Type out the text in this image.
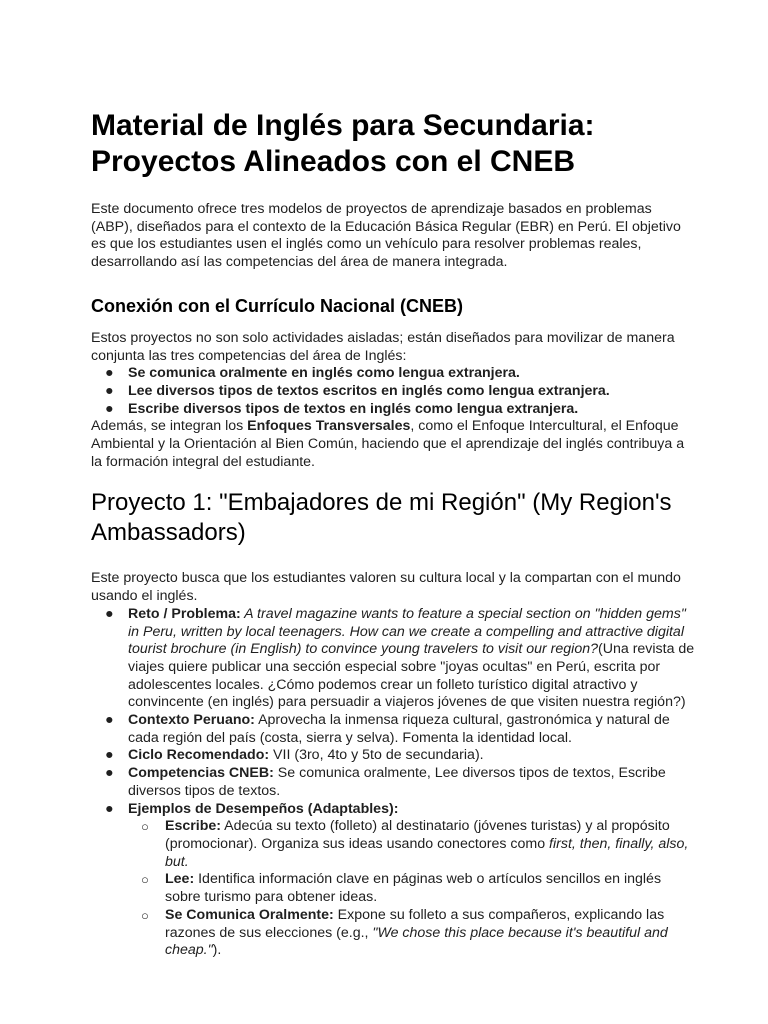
Material de Inglés para Secundaria: Proyectos Alineados con el CNEB

Este documento ofrece tres modelos de proyectos de aprendizaje basados en problemas (ABP), diseñados para el contexto de la Educación Básica Regular (EBR) en Perú. El objetivo es que los estudiantes usen el inglés como un vehículo para resolver problemas reales, desarrollando así las competencias del área de manera integrada.

Conexión con el Currículo Nacional (CNEB)

Estos proyectos no son solo actividades aisladas; están diseñados para movilizar de manera conjunta las tres competencias del área de Inglés:

● Se comunica oralmente en inglés como lengua extranjera.
● Lee diversos tipos de textos escritos en inglés como lengua extranjera.
● Escribe diversos tipos de textos en inglés como lengua extranjera.

Además, se integran los Enfoques Transversales, como el Enfoque Intercultural, el Enfoque Ambiental y la Orientación al Bien Común, haciendo que el aprendizaje del inglés contribuya a la formación integral del estudiante.

Proyecto 1: "Embajadores de mi Región" (My Region's Ambassadors)

Este proyecto busca que los estudiantes valoren su cultura local y la compartan con el mundo usando el inglés.

● Reto / Problema: A travel magazine wants to feature a special section on "hidden gems" in Peru, written by local teenagers. How can we create a compelling and attractive digital tourist brochure (in English) to convince young travelers to visit our region?(Una revista de viajes quiere publicar una sección especial sobre "joyas ocultas" en Perú, escrita por adolescentes locales. ¿Cómo podemos crear un folleto turístico digital atractivo y convincente (en inglés) para persuadir a viajeros jóvenes de que visiten nuestra región?)
● Contexto Peruano: Aprovecha la inmensa riqueza cultural, gastronómica y natural de cada región del país (costa, sierra y selva). Fomenta la identidad local.
● Ciclo Recomendado: VII (3ro, 4to y 5to de secundaria).
● Competencias CNEB: Se comunica oralmente, Lee diversos tipos de textos, Escribe diversos tipos de textos.
● Ejemplos de Desempeños (Adaptables):
○ Escribe: Adecúa su texto (folleto) al destinatario (jóvenes turistas) y al propósito (promocionar). Organiza sus ideas usando conectores como first, then, finally, also, but.
○ Lee: Identifica información clave en páginas web o artículos sencillos en inglés sobre turismo para obtener ideas.
○ Se Comunica Oralmente: Expone su folleto a sus compañeros, explicando las razones de sus elecciones (e.g., "We chose this place because it's beautiful and cheap.").
